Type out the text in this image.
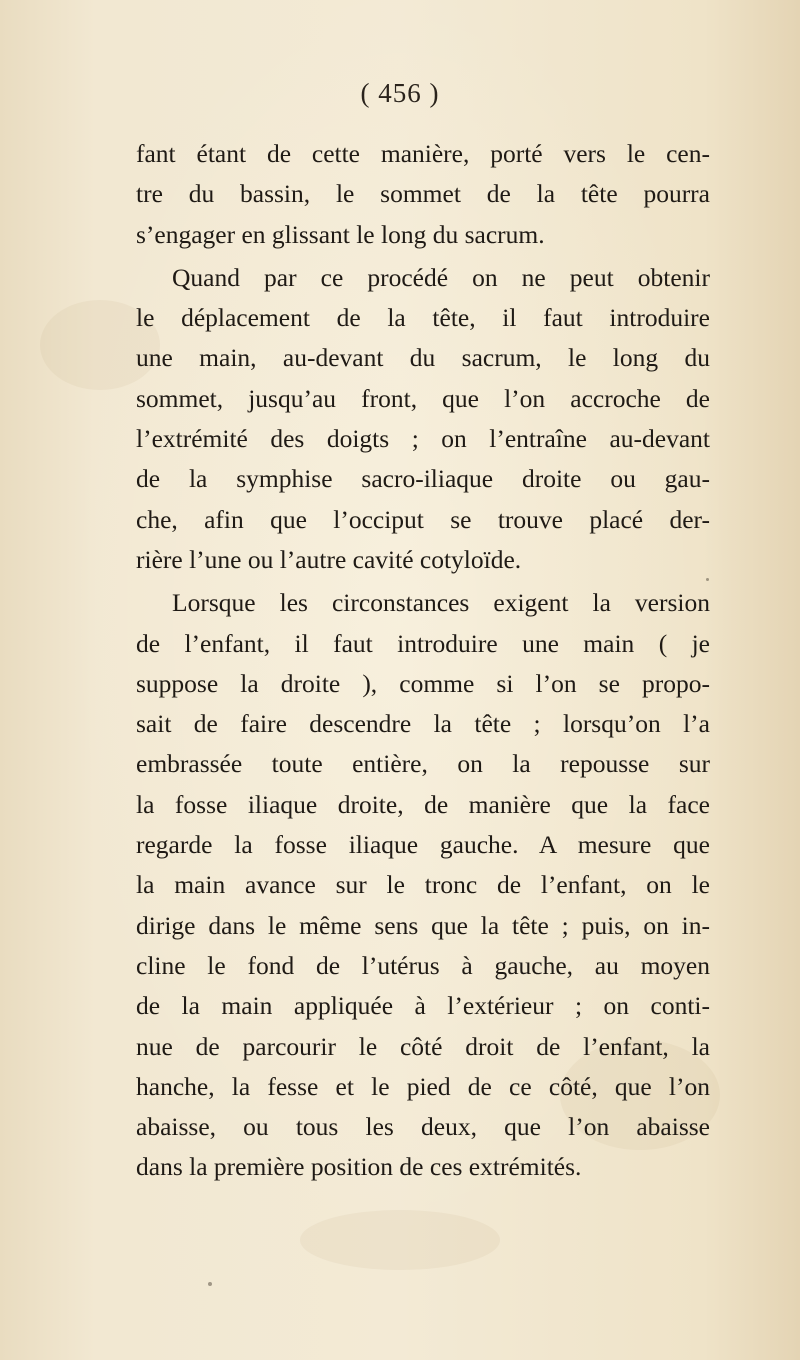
( 456 )
fant étant de cette manière, porté vers le cen-
tre du bassin, le sommet de la tête pourra
s’engager en glissant le long du sacrum.
Quand par ce procédé on ne peut obtenir
le déplacement de la tête, il faut introduire
une main, au-devant du sacrum, le long du
sommet, jusqu’au front, que l’on accroche de
l’extrémité des doigts ; on l’entraîne au-devant
de la symphise sacro-iliaque droite ou gau-
che, afin que l’occiput se trouve placé der-
rière l’une ou l’autre cavité cotyloïde.
Lorsque les circonstances exigent la version
de l’enfant, il faut introduire une main ( je
suppose la droite ), comme si l’on se propo-
sait de faire descendre la tête ; lorsqu’on l’a
embrassée toute entière, on la repousse sur
la fosse iliaque droite, de manière que la face
regarde la fosse iliaque gauche. A mesure que
la main avance sur le tronc de l’enfant, on le
dirige dans le même sens que la tête ; puis, on in-
cline le fond de l’utérus à gauche, au moyen
de la main appliquée à l’extérieur ; on conti-
nue de parcourir le côté droit de l’enfant, la
hanche, la fesse et le pied de ce côté, que l’on
abaisse, ou tous les deux, que l’on abaisse
dans la première position de ces extrémités.
